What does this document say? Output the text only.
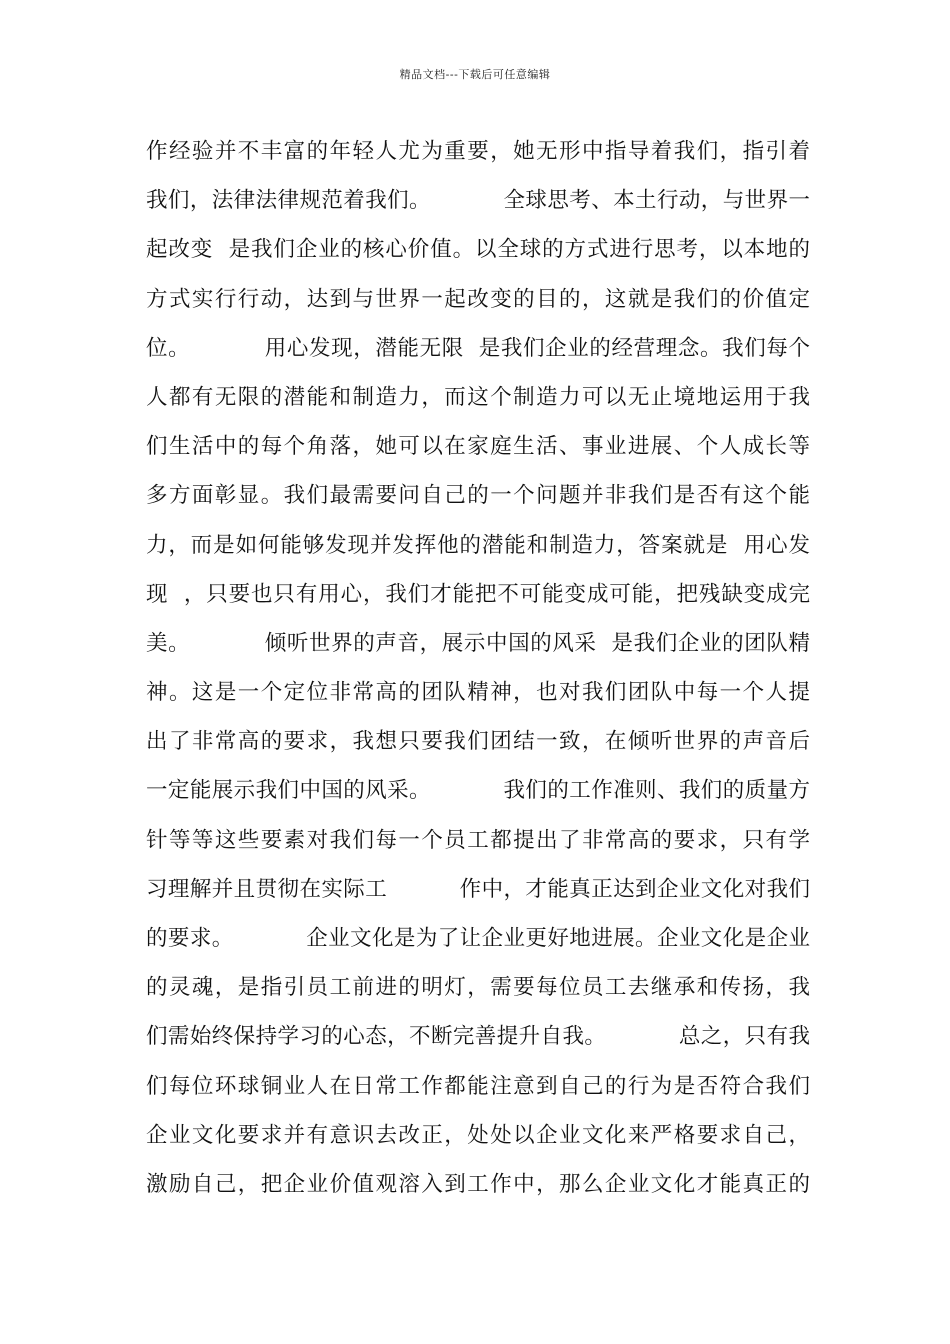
精品文档---下载后可任意编辑
作经验并不丰富的年轻人尤为重要，她无形中指导着我们，指引着
我们，法律法律规范着我们。          全球思考、本土行动，与世界一
起改变  是我们企业的核心价值。以全球的方式进行思考，以本地的
方式实行行动，达到与世界一起改变的目的，这就是我们的价值定
位。          用心发现，潜能无限  是我们企业的经营理念。我们每个
人都有无限的潜能和制造力，而这个制造力可以无止境地运用于我
们生活中的每个角落，她可以在家庭生活、事业进展、个人成长等
多方面彰显。我们最需要问自己的一个问题并非我们是否有这个能
力，而是如何能够发现并发挥他的潜能和制造力，答案就是  用心发
现  ，只要也只有用心，我们才能把不可能变成可能，把残缺变成完
美。          倾听世界的声音，展示中国的风采  是我们企业的团队精
神。这是一个定位非常高的团队精神，也对我们团队中每一个人提
出了非常高的要求，我想只要我们团结一致，在倾听世界的声音后
一定能展示我们中国的风采。          我们的工作准则、我们的质量方
针等等这些要素对我们每一个员工都提出了非常高的要求，只有学
习理解并且贯彻在实际工          作中，才能真正达到企业文化对我们
的要求。          企业文化是为了让企业更好地进展。企业文化是企业
的灵魂，是指引员工前进的明灯，需要每位员工去继承和传扬，我
们需始终保持学习的心态，不断完善提升自我。          总之，只有我
们每位环球铜业人在日常工作都能注意到自己的行为是否符合我们
企业文化要求并有意识去改正，处处以企业文化来严格要求自己，
激励自己，把企业价值观溶入到工作中，那么企业文化才能真正的
